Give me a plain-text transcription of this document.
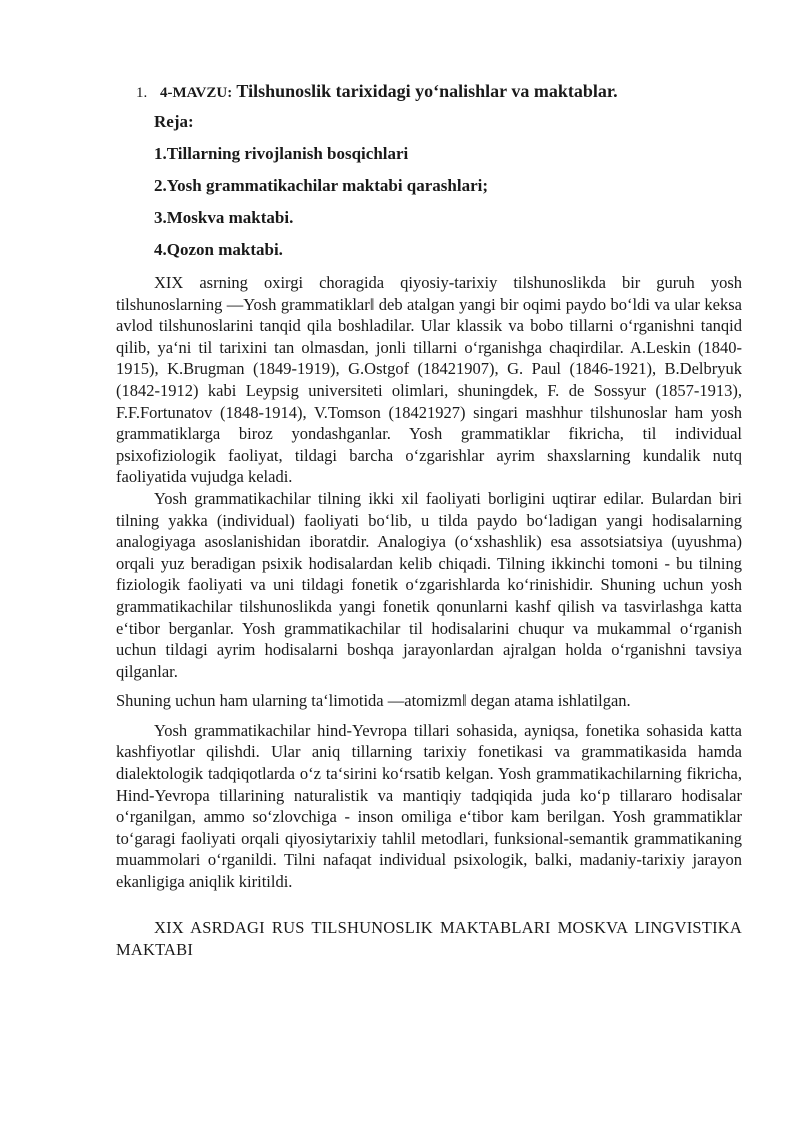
1. 4-MAVZU: Tilshunoslik tarixidagi yo‘nalishlar va maktablar.
Reja:
1.Tillarning rivojlanish bosqichlari
2.Yosh grammatikachilar maktabi qarashlari;
3.Moskva maktabi.
4.Qozon maktabi.

XIX asrning oxirgi choragida qiyosiy-tarixiy tilshunoslikda bir guruh yosh tilshunoslarning ―Yosh grammatiklar‖ deb atalgan yangi bir oqimi paydo bo‘ldi va ular keksa avlod tilshunoslarini tanqid qila boshladilar. Ular klassik va bobo tillarni o‘rganishni tanqid qilib, ya‘ni til tarixini tan olmasdan, jonli tillarni o‘rganishga chaqirdilar. A.Leskin (1840-1915), K.Brugman (1849-1919), G.Ostgof (18421907), G. Paul (1846-1921), B.Delbryuk (1842-1912) kabi Leypsig universiteti olimlari, shuningdek, F. de Sossyur (1857-1913), F.F.Fortunatov (1848-1914), V.Tomson (18421927) singari mashhur tilshunoslar ham yosh grammatiklarga biroz yondashganlar. Yosh grammatiklar fikricha, til individual psixofiziologik faoliyat, tildagi barcha o‘zgarishlar ayrim shaxslarning kundalik nutq faoliyatida vujudga keladi.

Yosh grammatikachilar tilning ikki xil faoliyati borligini uqtirar edilar. Bulardan biri tilning yakka (individual) faoliyati bo‘lib, u tilda paydo bo‘ladigan yangi hodisalarning analogiyaga asoslanishidan iboratdir. Analogiya (o‘xshashlik) esa assotsiatsiya (uyushma) orqali yuz beradigan psixik hodisalardan kelib chiqadi. Tilning ikkinchi tomoni - bu tilning fiziologik faoliyati va uni tildagi fonetik o‘zgarishlarda ko‘rinishidir. Shuning uchun yosh grammatikachilar tilshunoslikda yangi fonetik qonunlarni kashf qilish va tasvirlashga katta e‘tibor berganlar. Yosh grammatikachilar til hodisalarini chuqur va mukammal o‘rganish uchun tildagi ayrim hodisalarni boshqa jarayonlardan ajralgan holda o‘rganishni tavsiya qilganlar.

Shuning uchun ham ularning ta‘limotida ―atomizm‖ degan atama ishlatilgan.

Yosh grammatikachilar hind-Yevropa tillari sohasida, ayniqsa, fonetika sohasida katta kashfiyotlar qilishdi. Ular aniq tillarning tarixiy fonetikasi va grammatikasida hamda dialektologik tadqiqotlarda o‘z ta‘sirini ko‘rsatib kelgan. Yosh grammatikachilarning fikricha, Hind-Yevropa tillarining naturalistik va mantiqiy tadqiqida juda ko‘p tillararo hodisalar o‘rganilgan, ammo so‘zlovchiga - inson omiliga e‘tibor kam berilgan. Yosh grammatiklar to‘garagi faoliyati orqali qiyosiytarixiy tahlil metodlari, funksional-semantik grammatikaning muammolari o‘rganildi. Tilni nafaqat individual psixologik, balki, madaniy-tarixiy jarayon ekanligiga aniqlik kiritildi.

XIX ASRDAGI RUS TILSHUNOSLIK MAKTABLARI MOSKVA LINGVISTIKA MAKTABI
